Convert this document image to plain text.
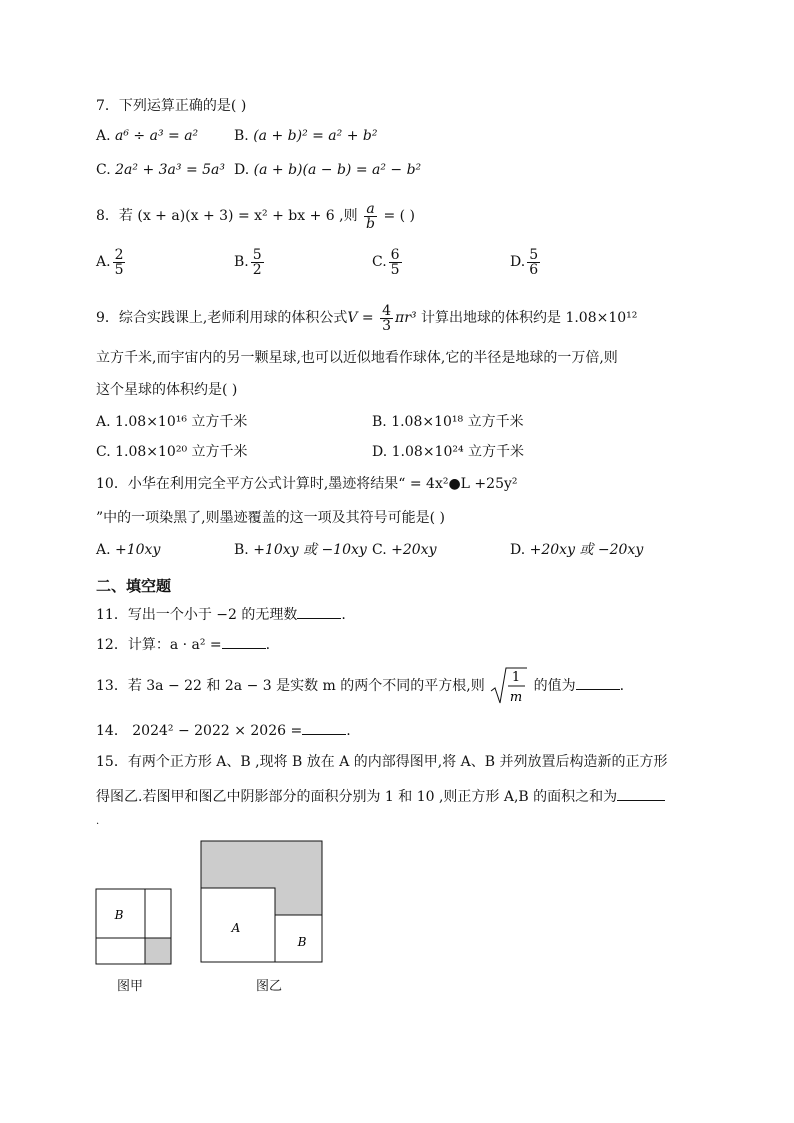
7．下列运算正确的是( )
A. a⁶ ÷ a³ = a²	B. (a + b)² = a² + b²
C. 2a² + 3a³ = 5a³ D. (a + b)(a − b) = a² − b²
8．若 (x + a)(x + 3) = x² + bx + 6 ,则 $\frac{a}{b}$ = ( )
A. $\frac{2}{5}$	B. $\frac{5}{2}$	C. $\frac{6}{5}$	D. $\frac{5}{6}$
9．综合实践课上,老师利用球的体积公式$V = \frac{4}{3} \pi r^3$ 计算出地球的体积约是 1.08×10¹²
立方千米,而宇宙内的另一颗星球,也可以近似地看作球体,它的半径是地球的一万倍,则
这个星球的体积约是( )
A. 1.08×10¹⁶ 立方千米	B. 1.08×10¹⁸ 立方千米
C. 1.08×10²⁰ 立方千米	D. 1.08×10²⁴ 立方千米
10．小华在利用完全平方公式计算时,墨迹将结果“ = 4x²●L +25y²
”中的一项染黑了,则墨迹覆盖的这一项及其符号可能是( )
A. +10xy	B. +10xy 或 −10xy C. +20xy	D. +20xy 或 −20xy
二、填空题
11．写出一个小于 −2 的无理数	.
12．计算：a · a² =	.
13．若 3a − 22 和 2a − 3 是实数 m 的两个不同的平方根,则
1
m
的值为	.
14． 2024² − 2022 × 2026 =	.
15．有两个正方形 A、B ,现将 B 放在 A 的内部得图甲,将 A、B 并列放置后构造新的正方形
得图乙.若图甲和图乙中阴影部分的面积分别为 1 和 10 ,则正方形 A,B 的面积之和为
.
B
图甲
A
B
图乙
